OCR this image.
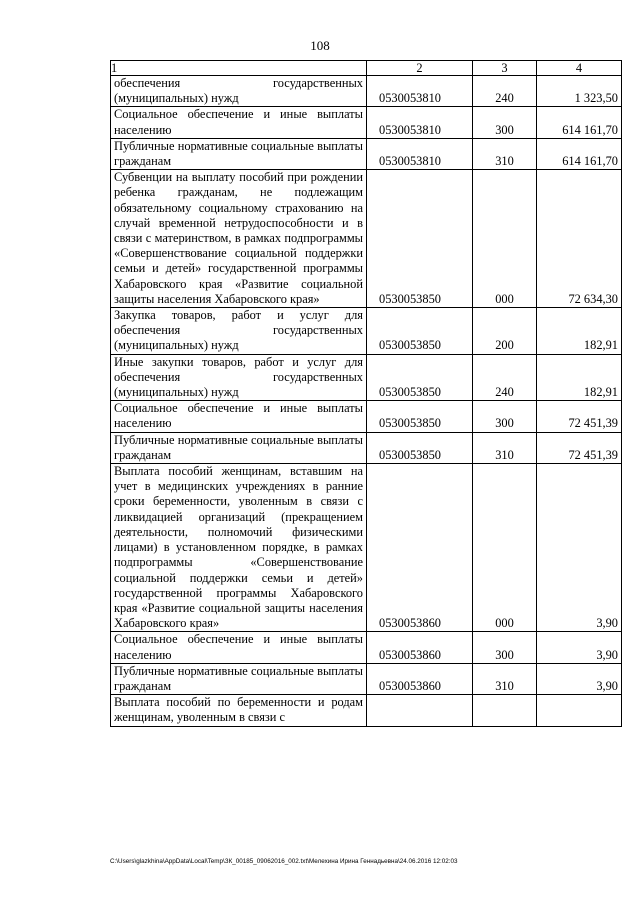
108
1	2	3	4

обеспечения государственных (муниципальных) нужд	0530053810	240	1 323,50

Социальное обеспечение и иные выплаты населению	0530053810	300	614 161,70

Публичные нормативные социальные выплаты гражданам	0530053810	310	614 161,70

Субвенции на выплату пособий при рождении ребенка гражданам, не подлежащим обязательному социальному страхованию на случай временной нетрудоспособности и в связи с материнством, в рамках подпрограммы «Совершенствование социальной поддержки семьи и детей» государственной программы Хабаровского края «Развитие социальной защиты населения Хабаровского края»	0530053850	000	72 634,30

Закупка товаров, работ и услуг для обеспечения государственных (муниципальных) нужд	0530053850	200	182,91

Иные закупки товаров, работ и услуг для обеспечения государственных (муниципальных) нужд	0530053850	240	182,91

Социальное обеспечение и иные выплаты населению	0530053850	300	72 451,39

Публичные нормативные социальные выплаты гражданам	0530053850	310	72 451,39

Выплата пособий женщинам, вставшим на учет в медицинских учреждениях в ранние сроки беременности, уволенным в связи с ликвидацией организаций (прекращением деятельности, полномочий физическими лицами) в установленном порядке, в рамках подпрограммы «Совершенствование социальной поддержки семьи и детей» государственной программы Хабаровского края «Развитие социальной защиты населения Хабаровского края»	0530053860	000	3,90

Социальное обеспечение и иные выплаты населению	0530053860	300	3,90

Публичные нормативные социальные выплаты гражданам	0530053860	310	3,90

Выплата пособий по беременности и родам женщинам, уволенным в связи с			

C:\Users\glazkhina\AppData\Local\Temp\ЗК_00185_09062016_002.txt\Мелехина Ирина Геннадьевна\24.06.2016 12:02:03
